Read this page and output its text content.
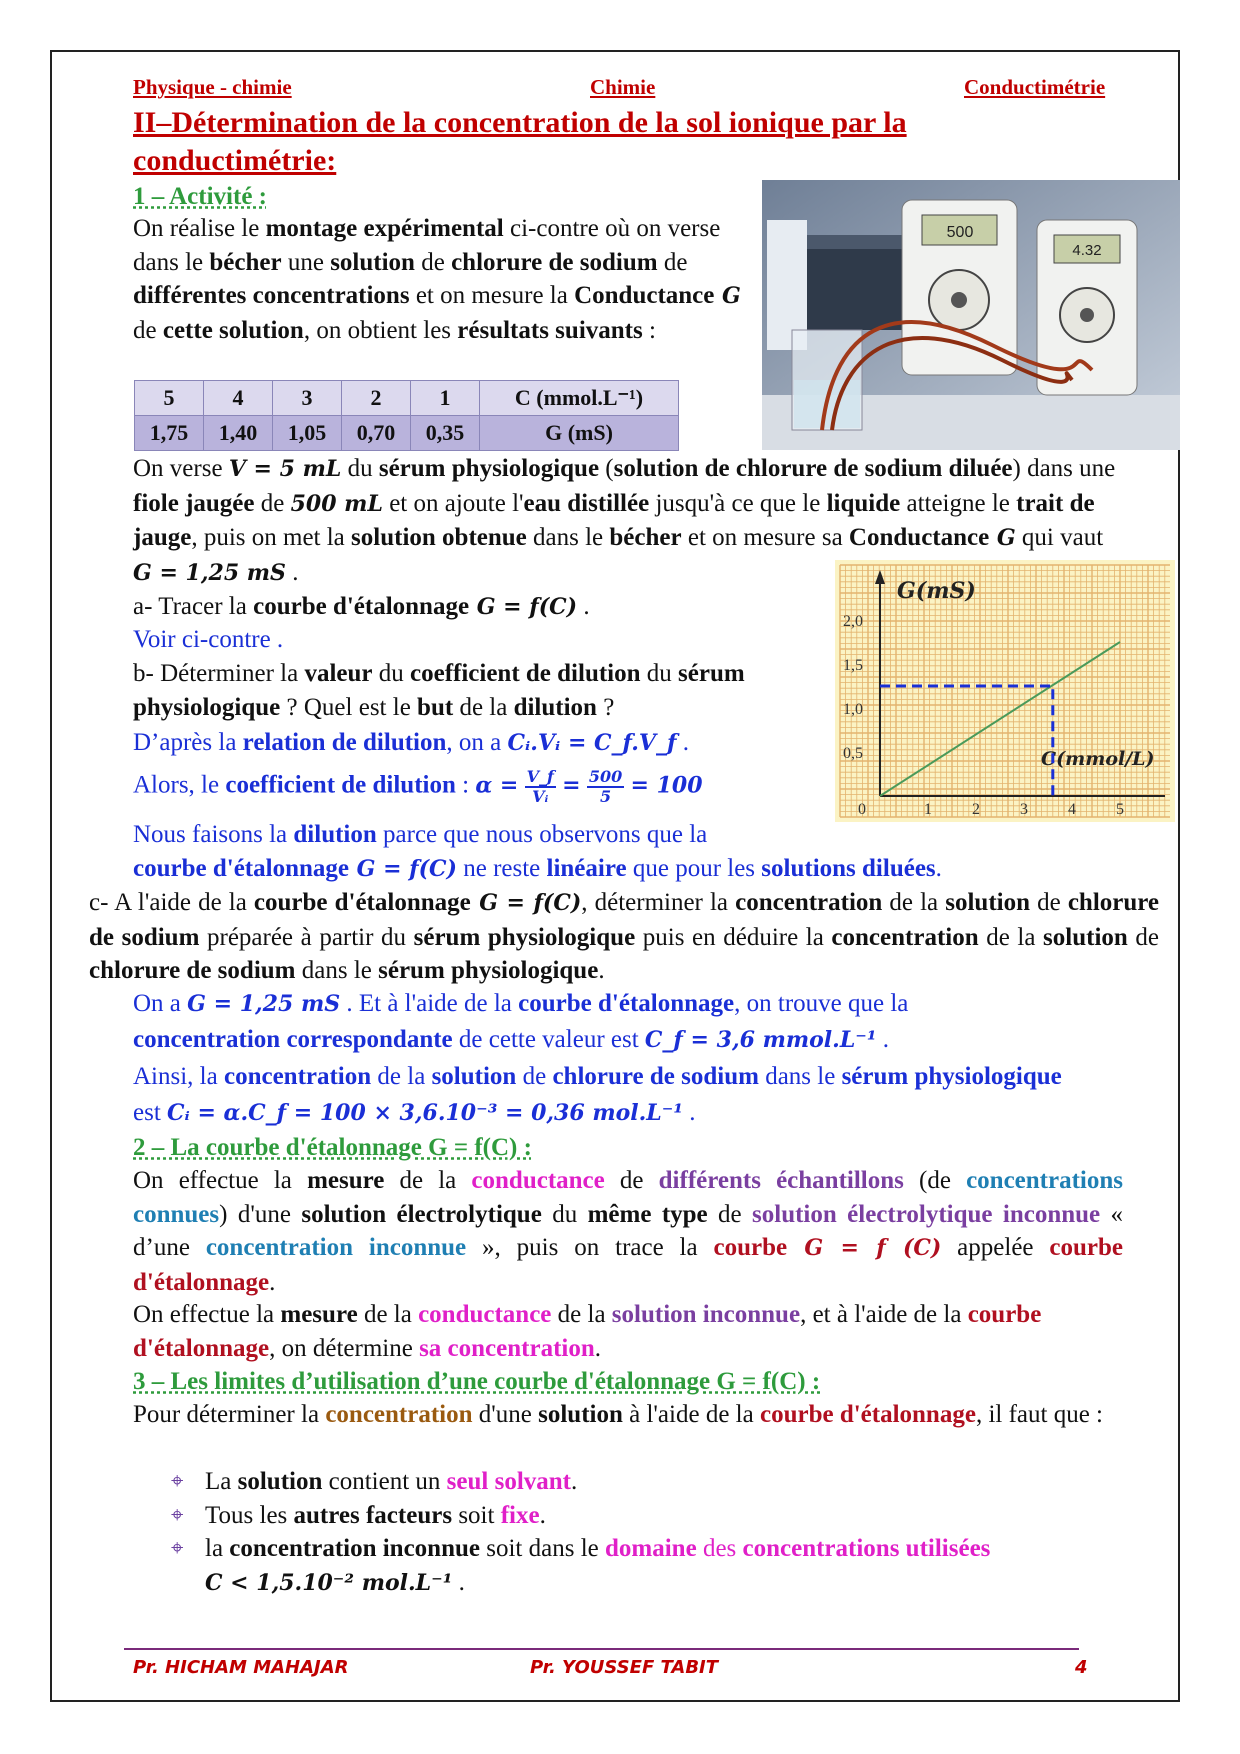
Physique - chimie	Chimie	Conductimétrie
II–Détermination de la concentration de la sol ionique par la conductimétrie:
1 – Activité :
On réalise le montage expérimental ci-contre où on verse dans le bécher une solution de chlorure de sodium de différentes concentrations et on mesure la Conductance G de cette solution, on obtient les résultats suivants :
5	4	3	2	1	C (mmol.L⁻¹)
1,75	1,40	1,05	0,70	0,35	G (mS)
500
4.32
On verse V = 5 mL du sérum physiologique (solution de chlorure de sodium diluée) dans une fiole jaugée de 500 mL et on ajoute l'eau distillée jusqu'à ce que le liquide atteigne le trait de jauge, puis on met la solution obtenue dans le bécher et on mesure sa Conductance G qui vaut G = 1,25 mS .
a- Tracer la courbe d'étalonnage G = f(C) .
Voir ci-contre .
b- Déterminer la valeur du coefficient de dilution du sérum physiologique ? Quel est le but de la dilution ?
D’après la relation de dilution, on a Cᵢ.Vᵢ = C_f.V_f .
Alors, le coefficient de dilution : $\alpha = \frac{V\_f}{\text{Vᵢ}} = \frac{500}{5} = 100$
Nous faisons la dilution parce que nous observons que la
courbe d'étalonnage G = f(C) ne reste linéaire que pour les solutions diluées.
G(mS)
C(mmol/L)
2,0
1,5
1,0
0,5
0	1	2	3	4	5
c- A l'aide de la courbe d'étalonnage G = f(C), déterminer la concentration de la solution de chlorure de sodium préparée à partir du sérum physiologique puis en déduire la concentration de la solution de chlorure de sodium dans le sérum physiologique.
On a G = 1,25 mS . Et à l'aide de la courbe d'étalonnage, on trouve que la
concentration correspondante de cette valeur est C_f = 3,6 mmol.L⁻¹ .
Ainsi, la concentration de la solution de chlorure de sodium dans le sérum physiologique est Cᵢ = α.C_f = 100 × 3,6.10⁻³ = 0,36 mol.L⁻¹ .
2 – La courbe d'étalonnage G = f(C) :
On effectue la mesure de la conductance de différents échantillons (de concentrations connues) d'une solution électrolytique du même type de solution électrolytique inconnue « d’une concentration inconnue », puis on trace la courbe G = f (C) appelée courbe d'étalonnage.
On effectue la mesure de la conductance de la solution inconnue, et à l'aide de la courbe d'étalonnage, on détermine sa concentration.
3 – Les limites d’utilisation d’une courbe d'étalonnage G = f(C) :
Pour déterminer la concentration d'une solution à l'aide de la courbe d'étalonnage, il faut que :
⌖ La solution contient un seul solvant.
⌖ Tous les autres facteurs soit fixe.
⌖ la concentration inconnue soit dans le domaine des concentrations utilisées
C < 1,5.10⁻² mol.L⁻¹ .
Pr. HICHAM MAHAJAR	Pr. YOUSSEF TABIT	4
